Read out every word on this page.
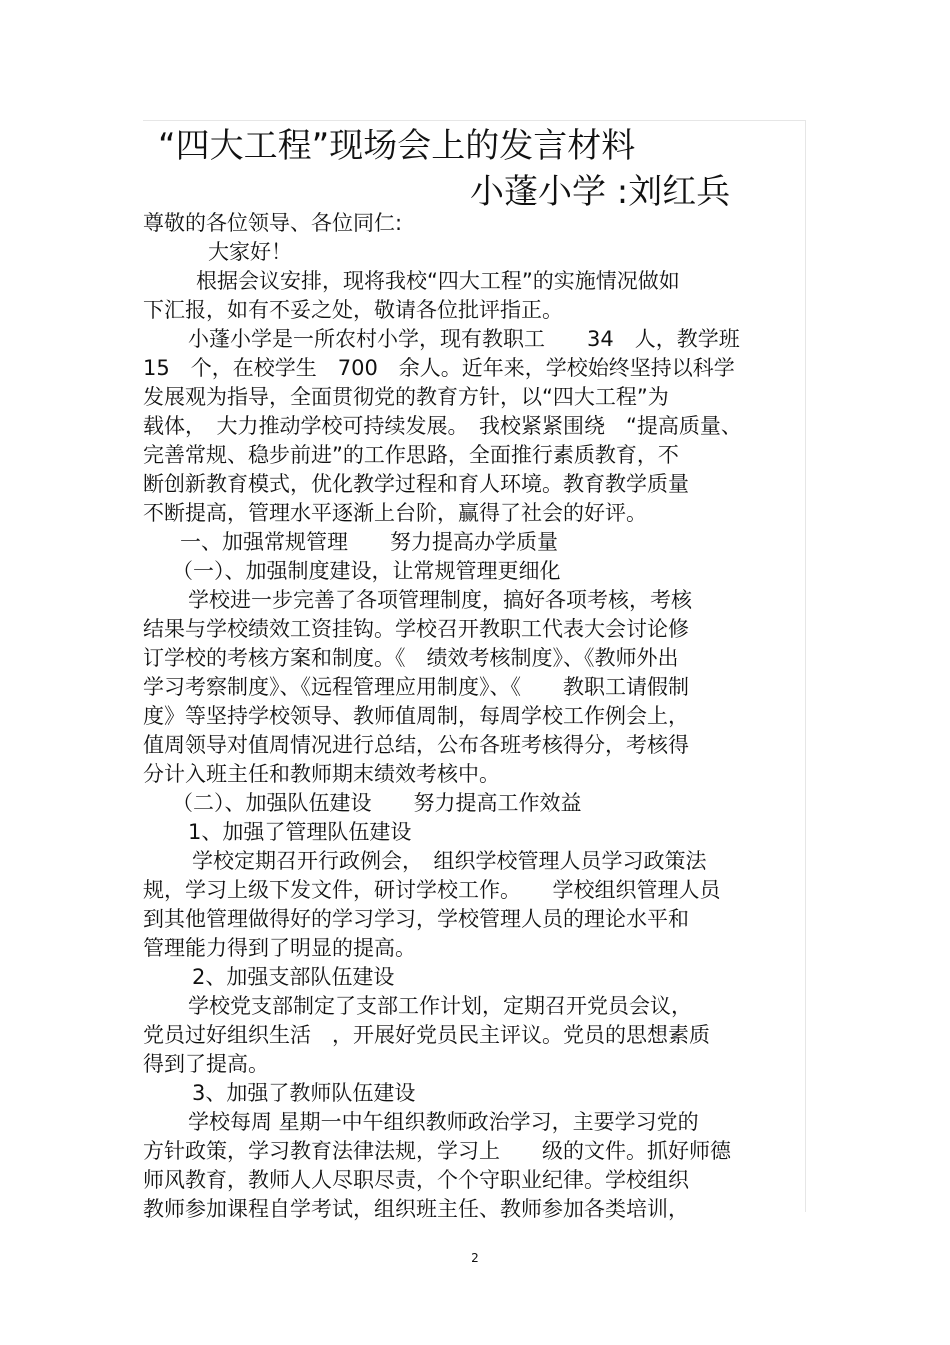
“四大工程”现场会上的发言材料
小蓬小学 :刘红兵
尊敬的各位领导、各位同仁:
大家好！
根据会议安排，现将我校“四大工程”的实施情况做如
下汇报，如有不妥之处，敬请各位批评指正。
小蓬小学是一所农村小学，现有教职工　　34　人，教学班
15　个，在校学生　700　余人。近年来，学校始终坚持以科学
发展观为指导，全面贯彻党的教育方针，以“四大工程”为
载体，　大力推动学校可持续发展。　我校紧紧围绕　“提高质量、
完善常规、稳步前进”的工作思路，全面推行素质教育，不
断创新教育模式，优化教学过程和育人环境。教育教学质量
不断提高，管理水平逐渐上台阶，赢得了社会的好评。
一、加强常规管理　　努力提高办学质量
（一）、加强制度建设，让常规管理更细化
学校进一步完善了各项管理制度，搞好各项考核，考核
结果与学校绩效工资挂钩。学校召开教职工代表大会讨论修
订学校的考核方案和制度。《　绩效考核制度》、《教师外出
学习考察制度》、《远程管理应用制度》、《　　教职工请假制
度》等坚持学校领导、教师值周制，每周学校工作例会上，
值周领导对值周情况进行总结，公布各班考核得分，考核得
分计入班主任和教师期末绩效考核中。
（二）、加强队伍建设　　努力提高工作效益
1、加强了管理队伍建设
学校定期召开行政例会，　组织学校管理人员学习政策法
规，学习上级下发文件，研讨学校工作。　　学校组织管理人员
到其他管理做得好的学习学习，学校管理人员的理论水平和
管理能力得到了明显的提高。
2、加强支部队伍建设
学校党支部制定了支部工作计划，定期召开党员会议，
党员过好组织生活　，开展好党员民主评议。党员的思想素质
得到了提高。
3、加强了教师队伍建设
学校每周 星期一中午组织教师政治学习，主要学习党的
方针政策，学习教育法律法规，学习上　　级的文件。抓好师德
师风教育，教师人人尽职尽责，个个守职业纪律。学校组织
教师参加课程自学考试，组织班主任、教师参加各类培训，
2
